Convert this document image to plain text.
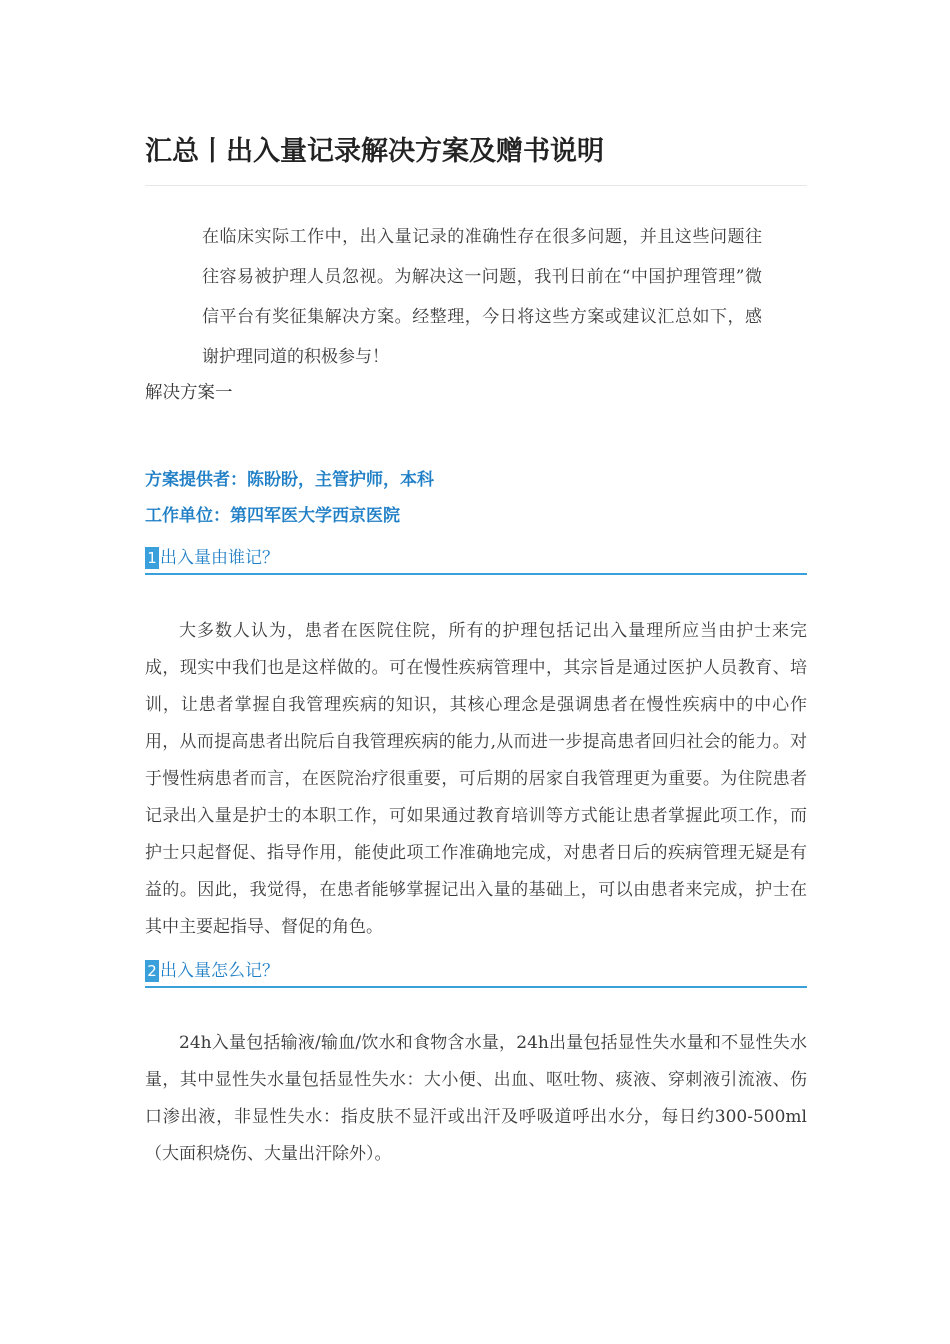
汇总丨出入量记录解决方案及赠书说明
在临床实际工作中，出入量记录的准确性存在很多问题，并且这些问题往往容易被护理人员忽视。为解决这一问题，我刊日前在“中国护理管理”微信平台有奖征集解决方案。经整理，今日将这些方案或建议汇总如下，感谢护理同道的积极参与！
解决方案一
方案提供者：陈盼盼，主管护师，本科
工作单位：第四军医大学西京医院
1 出入量由谁记？

大多数人认为，患者在医院住院，所有的护理包括记出入量理所应当由护士来完成，现实中我们也是这样做的。可在慢性疾病管理中，其宗旨是通过医护人员教育、培训，让患者掌握自我管理疾病的知识，其核心理念是强调患者在慢性疾病中的中心作用，从而提高患者出院后自我管理疾病的能力,从而进一步提高患者回归社会的能力。对于慢性病患者而言，在医院治疗很重要，可后期的居家自我管理更为重要。为住院患者记录出入量是护士的本职工作，可如果通过教育培训等方式能让患者掌握此项工作，而护士只起督促、指导作用，能使此项工作准确地完成，对患者日后的疾病管理无疑是有益的。因此，我觉得，在患者能够掌握记出入量的基础上，可以由患者来完成，护士在其中主要起指导、督促的角色。

2 出入量怎么记？

24h入量包括输液/输血/饮水和食物含水量，24h出量包括显性失水量和不显性失水量，其中显性失水量包括显性失水：大小便、出血、呕吐物、痰液、穿刺液引流液、伤口渗出液，非显性失水：指皮肤不显汗或出汗及呼吸道呼出水分，每日约300-500ml（大面积烧伤、大量出汗除外）。
